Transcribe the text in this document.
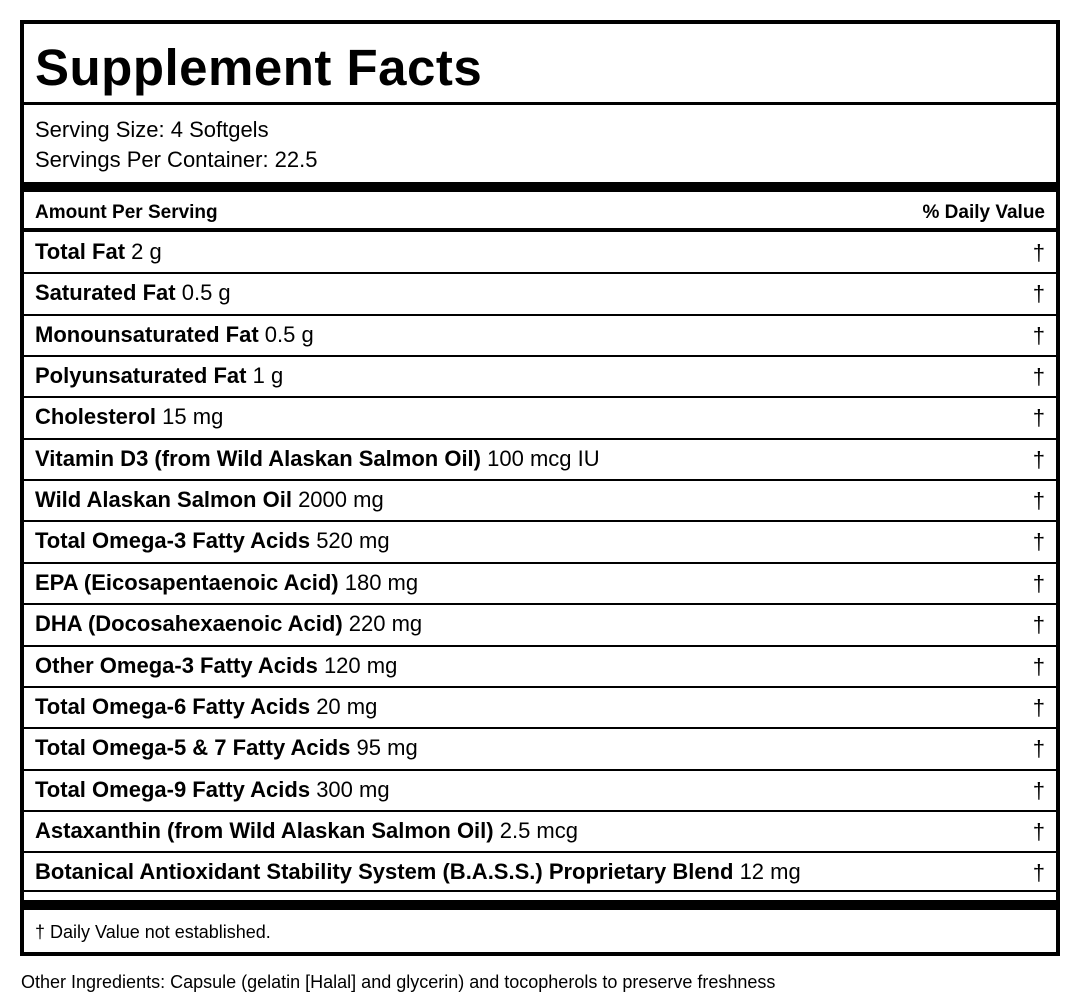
Supplement Facts
Serving Size: 4 Softgels
Servings Per Container: 22.5
Amount Per Serving	% Daily Value
Total Fat 2 g	†
Saturated Fat 0.5 g	†
Monounsaturated Fat 0.5 g	†
Polyunsaturated Fat 1 g	†
Cholesterol 15 mg	†
Vitamin D3 (from Wild Alaskan Salmon Oil) 100 mcg IU	†
Wild Alaskan Salmon Oil 2000 mg	†
Total Omega-3 Fatty Acids 520 mg	†
EPA (Eicosapentaenoic Acid) 180 mg	†
DHA (Docosahexaenoic Acid) 220 mg	†
Other Omega-3 Fatty Acids 120 mg	†
Total Omega-6 Fatty Acids 20 mg	†
Total Omega-5 & 7 Fatty Acids 95 mg	†
Total Omega-9 Fatty Acids 300 mg	†
Astaxanthin (from Wild Alaskan Salmon Oil) 2.5 mcg	†
Botanical Antioxidant Stability System (B.A.S.S.) Proprietary Blend 12 mg	†
† Daily Value not established.
Other Ingredients: Capsule (gelatin [Halal] and glycerin) and tocopherols to preserve freshness
